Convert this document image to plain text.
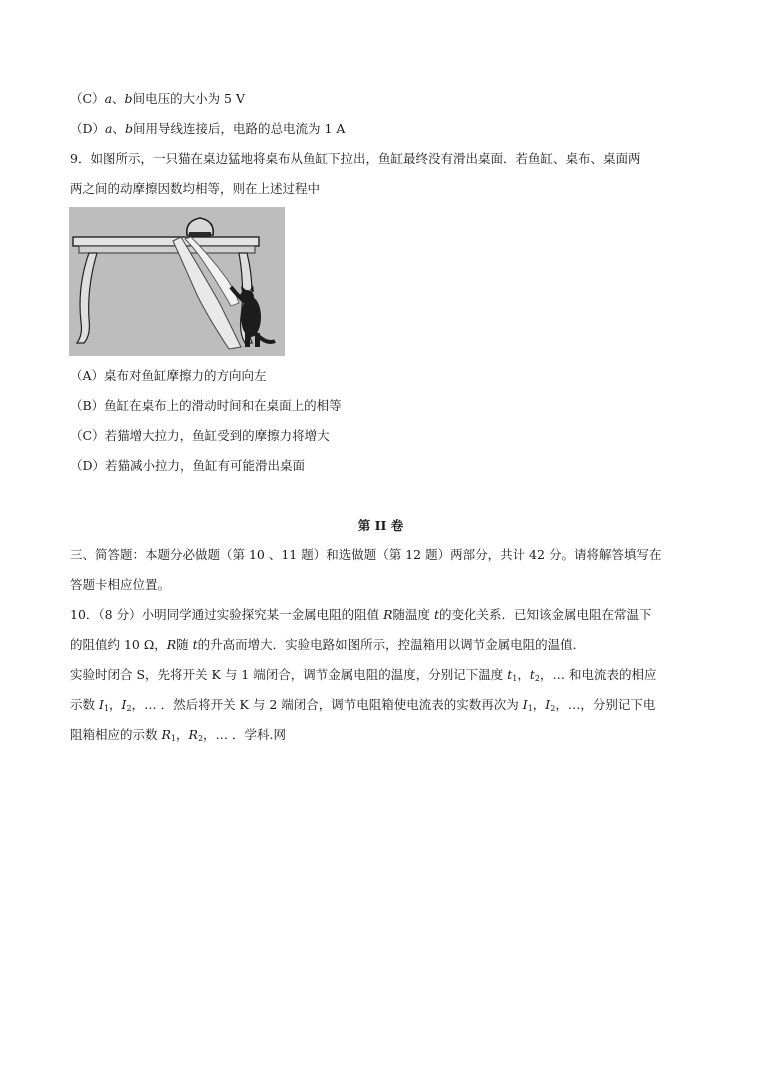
（C）a、b间电压的大小为 5 V
（D）a、b间用导线连接后，电路的总电流为 1 A
9．如图所示，一只猫在桌边猛地将桌布从鱼缸下拉出，鱼缸最终没有滑出桌面．若鱼缸、桌布、桌面两
两之间的动摩擦因数均相等，则在上述过程中
（A）桌布对鱼缸摩擦力的方向向左
（B）鱼缸在桌布上的滑动时间和在桌面上的相等
（C）若猫增大拉力，鱼缸受到的摩擦力将增大
（D）若猫减小拉力，鱼缸有可能滑出桌面
第 II 卷
三、简答题：本题分必做题（第 10 、11 题）和选做题（第 12 题）两部分，共计 42 分。请将解答填写在
答题卡相应位置。
10．（8 分）小明同学通过实验探究某一金属电阻的阻值 R随温度 t的变化关系．已知该金属电阻在常温下
的阻值约 10 Ω，R随 t的升高而增大．实验电路如图所示，控温箱用以调节金属电阻的温值．
实验时闭合 S，先将开关 K 与 1 端闭合，调节金属电阻的温度，分别记下温度 $t_1$，$t_2$，… 和电流表的相应
示数 $I_1$，$I_2$，… ．然后将开关 K 与 2 端闭合，调节电阻箱使电流表的实数再次为 $I_1$，$I_2$，…，分别记下电
阻箱相应的示数 $R_1$，$R_2$，… ．学科.网
